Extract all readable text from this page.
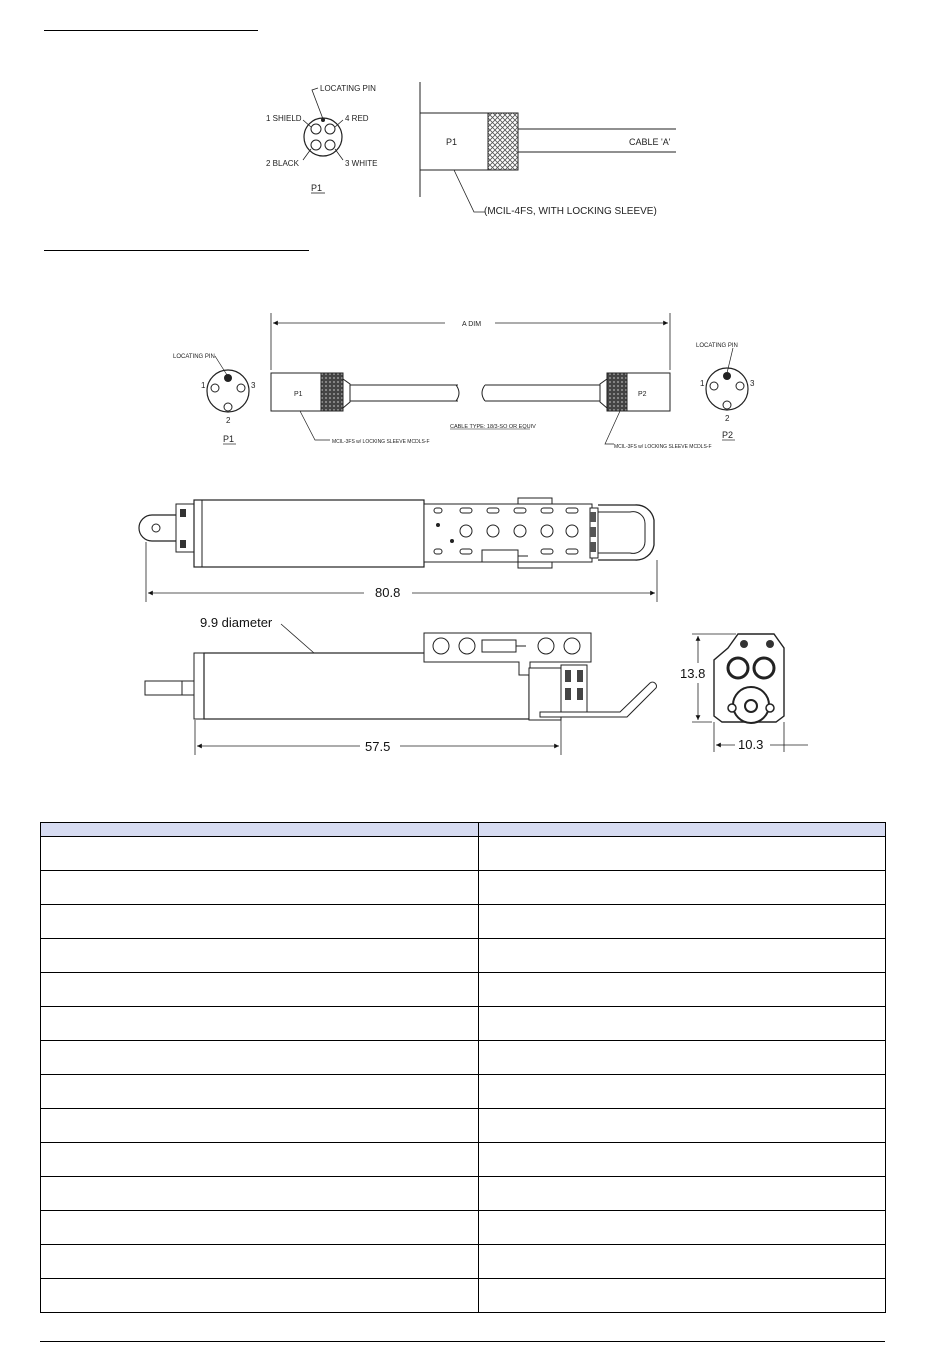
LOCATING PIN
1 SHIELD
2 BLACK	3 WHITE
4 RED
P1
P1	CABLE 'A'
(MCIL-4FS, WITH LOCKING SLEEVE)
A DIM
LOCATING PIN
1
2
3
P1
P1	P2
CABLE TYPE: 18/3-SO OR EQUIV
MCIL-3FS w/ LOCKING SLEEVE MCDLS-F
MCIL-3FS w/ LOCKING SLEEVE MCDLS-F
LOCATING PIN
1
2
3
P2
80.8
9.9 diameter
57.5
13.8
10.3
